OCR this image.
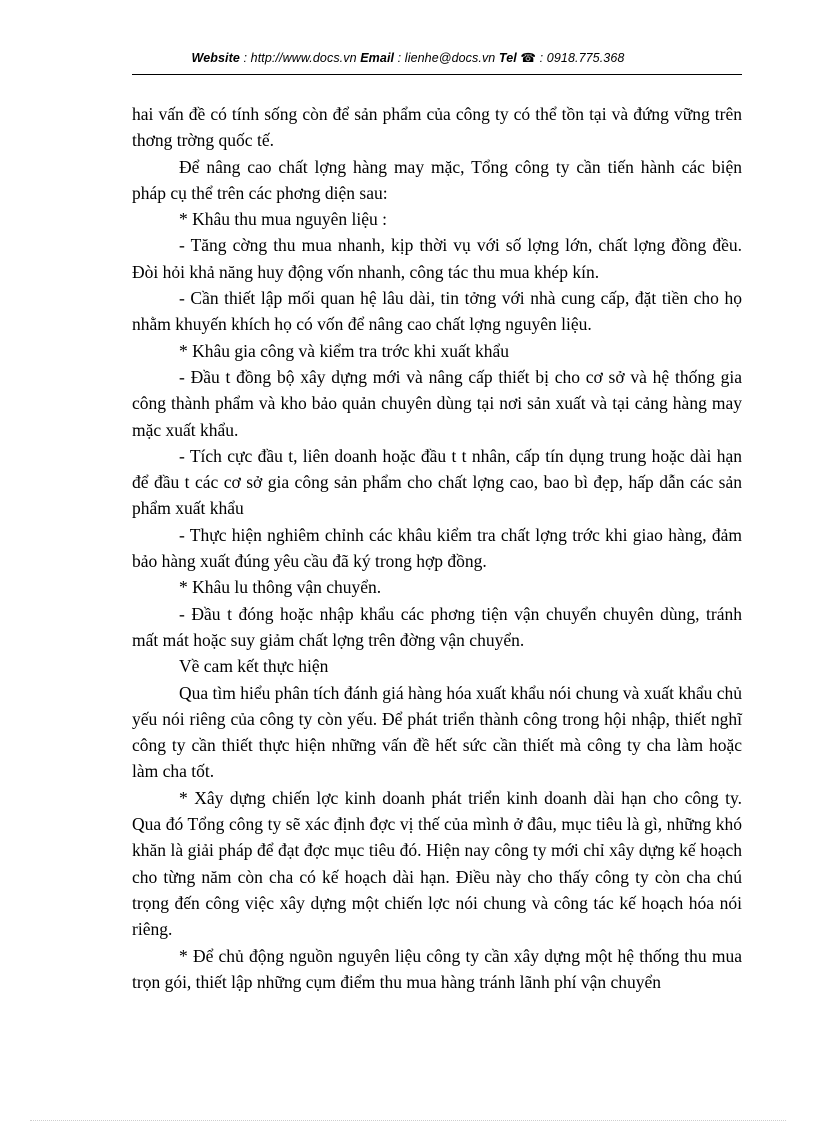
Website : http://www.docs.vn Email : lienhe@docs.vn Tel ☎ : 0918.775.368

hai vấn đề có tính sống còn để sản phẩm của công ty có thể tồn tại và đứng vững trên thơng trờng quốc tế.

Để nâng cao chất lợng hàng may mặc, Tổng công ty cần tiến hành các biện pháp cụ thể trên các phơng diện sau:

* Khâu thu mua nguyên liệu :

- Tăng cờng thu mua nhanh, kịp thời vụ với số lợng lớn, chất lợng đồng đều. Đòi hỏi khả năng huy động vốn nhanh, công tác thu mua khép kín.

- Cần thiết lập mối quan hệ lâu dài, tin tởng với nhà cung cấp, đặt tiền cho họ nhằm khuyến khích họ có vốn để nâng cao chất lợng nguyên liệu.

* Khâu gia công và kiểm tra trớc khi xuất khẩu

- Đầu t đồng bộ xây dựng mới và nâng cấp thiết bị cho cơ sở và hệ thống gia công thành phẩm và kho bảo quản chuyên dùng tại nơi sản xuất và tại cảng hàng may mặc xuất khẩu.

- Tích cực đầu t, liên doanh hoặc đầu t t nhân, cấp tín dụng trung hoặc dài hạn để đầu t các cơ sở gia công sản phẩm cho chất lợng cao, bao bì đẹp, hấp dẫn các sản phẩm xuất khẩu

- Thực hiện nghiêm chỉnh các khâu kiểm tra chất lợng trớc khi giao hàng, đảm bảo hàng xuất đúng yêu cầu đã ký trong hợp đồng.

* Khâu lu thông vận chuyển.

- Đầu t đóng hoặc nhập khẩu các phơng tiện vận chuyển chuyên dùng, tránh mất mát hoặc suy giảm chất lợng trên đờng vận chuyển.

Về cam kết thực hiện

Qua tìm hiểu phân tích đánh giá hàng hóa xuất khẩu nói chung và xuất khẩu chủ yếu nói riêng của công ty còn yếu. Để phát triển thành công trong hội nhập, thiết nghĩ công ty cần thiết thực hiện những vấn đề hết sức cần thiết mà công ty cha làm hoặc làm cha tốt.

* Xây dựng chiến lợc kinh doanh phát triển kinh doanh dài hạn cho công ty. Qua đó Tổng công ty sẽ xác định đợc vị thế của mình ở đâu, mục tiêu là gì, những khó khăn là giải pháp để đạt đợc mục tiêu đó. Hiện nay công ty mới chỉ xây dựng kế hoạch cho từng năm còn cha có kế hoạch dài hạn. Điều này cho thấy công ty còn cha chú trọng đến công việc xây dựng một chiến lợc nói chung và công tác kế hoạch hóa nói riêng.

* Để chủ động nguồn nguyên liệu công ty cần xây dựng một hệ thống thu mua trọn gói, thiết lập những cụm điểm thu mua hàng tránh lãnh phí vận chuyển
